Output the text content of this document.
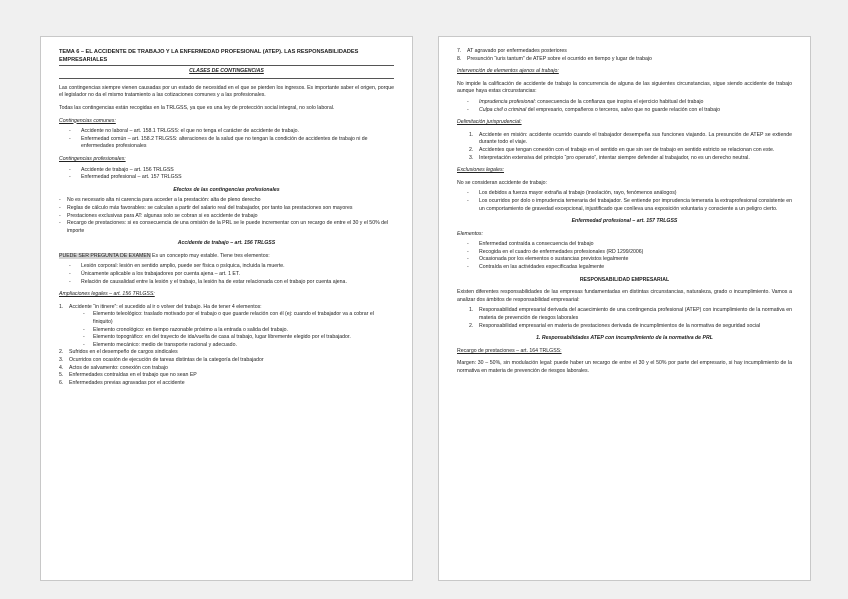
TEMA 6 – EL ACCIDENTE DE TRABAJO Y LA ENFERMEDAD PROFESIONAL (ATEP). LAS RESPONSABILIDADES EMPRESARIALES

CLASES DE CONTINGENCIAS

Las contingencias siempre vienen causadas por un estado de necesidad en el que se pierden los ingresos. Es importante saber el origen, porque el legislador no da el mismo tratamiento a las cotizaciones comunes y a las profesionales.

Todas las contingencias están recogidas en la TRLGSS, ya que es una ley de protección social integral, no solo laboral.

Contingencias comunes:

- Accidente no laboral – art. 158.1 TRLGSS: el que no tenga el carácter de accidente de trabajo.
- Enfermedad común – art. 158.2 TRLGSS: alteraciones de la salud que no tengan la condición de accidentes de trabajo ni de enfermedades profesionales

Contingencias profesionales:

- Accidente de trabajo – art. 156 TRLGSS
- Enfermedad profesional – art. 157 TRLGSS

Efectos de las contingencias profesionales

- No es necesario alta ni carencia para acceder a la prestación: alta de pleno derecho
- Reglas de cálculo más favorables: se calculan a partir del salario real del trabajador, por tanto las prestaciones son mayores
- Prestaciones exclusivas para AT: algunas solo se cobran si es accidente de trabajo
- Recargo de prestaciones: si es consecuencia de una omisión de la PRL se le puede incrementar con un recargo de entre el 30 y el 50% del importe

Accidente de trabajo – art. 156 TRLGSS

PUEDE SER PREGUNTA DE EXAMEN Es un concepto muy estable. Tiene tres elementos:

- Lesión corporal: lesión en sentido amplio, puede ser física o psíquica, incluida la muerte.
- Únicamente aplicable a los trabajadores por cuenta ajena – art. 1 ET.
- Relación de causalidad entre la lesión y el trabajo, la lesión ha de estar relacionada con el trabajo por cuenta ajena.

Ampliaciones legales – art. 156 TRLGSS:

1. Accidente “in itinere”: el sucedido al ir o volver del trabajo. Ha de tener 4 elementos:
- Elemento teleológico: traslado motivado por el trabajo o que guarde relación con él (ej: cuando el trabajador va a cobrar el finiquito)
- Elemento cronológico: en tiempo razonable próximo a la entrada o salida del trabajo.
- Elemento topográfico: en del trayecto de ida/vuelta de casa al trabajo, lugar libremente elegido por el trabajador.
- Elemento mecánico: medio de transporte racional y adecuado.
2. Sufridos en el desempeño de cargos sindicales
3. Ocurridos con ocasión de ejecución de tareas distintas de la categoría del trabajador
4. Actos de salvamento: conexión con trabajo
5. Enfermedades contraídas en el trabajo que no sean EP
6. Enfermedades previas agravadas por el accidente
7. AT agravado por enfermedades posteriores
8. Presunción “iuris tantum” de ATEP sobre el ocurrido en tiempo y lugar de trabajo

Intervención de elementos ajenos al trabajo:

No impide la calificación de accidente de trabajo la concurrencia de alguna de las siguientes circunstancias, sigue siendo accidente de trabajo aunque haya estas circunstancias:

- Imprudencia profesional: consecuencia de la confianza que inspira el ejercicio habitual del trabajo
- Culpa civil o criminal del empresario, compañeros o terceros, salvo que no guarde relación con el trabajo

Delimitación jurisprudencial:

1. Accidente en misión: accidente ocurrido cuando el trabajador desempeña sus funciones viajando. La presunción de ATEP se extiende durante todo el viaje.
2. Accidentes que tengan conexión con el trabajo en el sentido en que sin ser de trabajo en sentido estricto se relacionan con este.
3. Interpretación extensiva del principio “pro operario”, intentar siempre defender al trabajador, no es un derecho neutral.

Exclusiones legales:

No se consideran accidente de trabajo:

- Los debidos a fuerza mayor extraña al trabajo (insolación, rayo, fenómenos análogos)
- Los ocurridos por dolo o imprudencia temeraria del trabajador. Se entiende por imprudencia temeraria la extraprofesional consistente en un comportamiento de gravedad excepcional, injustificado que conlleva una exposición voluntaria y consciente a un peligro cierto.

Enfermedad profesional – art. 157 TRLGSS

Elementos:

- Enfermedad contraída a consecuencia del trabajo
- Recogida en el cuadro de enfermedades profesionales (RD 1299/2006)
- Ocasionada por los elementos o sustancias previstos legalmente
- Contraída en las actividades especificadas legalmente

RESPONSABILIDAD EMPRESARIAL

Existen diferentes responsabilidades de las empresas fundamentadas en distintas circunstancias, naturaleza, grado o incumplimiento. Vamos a analizar dos ámbitos de responsabilidad empresarial:

1. Responsabilidad empresarial derivada del acaecimiento de una contingencia profesional (ATEP) con incumplimiento de la normativa en materia de prevención de riesgos laborales
2. Responsabilidad empresarial en materia de prestaciones derivada de incumplimientos de la normativa de seguridad social

1. Responsabilidades ATEP con incumplimiento de la normativa de PRL

Recargo de prestaciones – art. 164 TRLGSS:

Margen: 30 – 50%, sin modulación legal: puede haber un recargo de entre el 30 y el 50% por parte del empresario, si hay incumplimiento de la normativa en materia de prevención de riesgos laborales.
